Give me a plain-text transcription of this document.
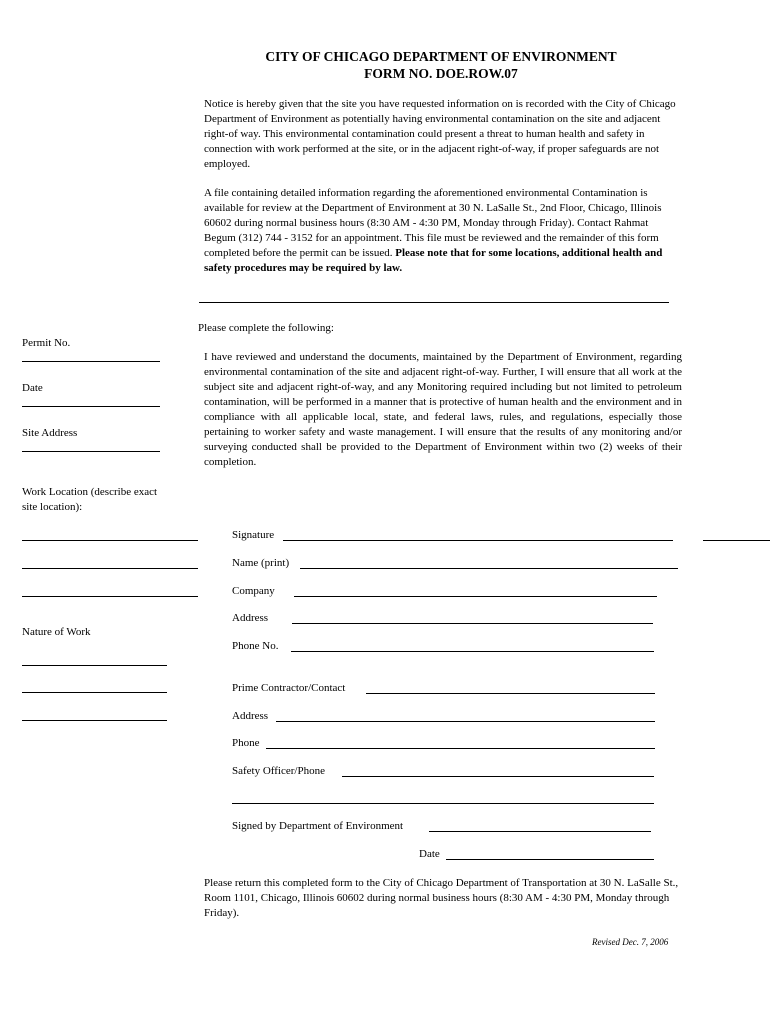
CITY OF CHICAGO DEPARTMENT OF ENVIRONMENT
FORM NO. DOE.ROW.07
Notice is hereby given that the site you have requested information on is recorded with the City of Chicago Department of Environment as potentially having environmental contamination on the site and adjacent right-of way. This environmental contamination could present a threat to human health and safety in connection with work performed at the site, or in the adjacent right-of-way, if proper safeguards are not employed.
A file containing detailed information regarding the aforementioned environmental Contamination is available for review at the Department of Environment at 30 N. LaSalle St., 2nd Floor, Chicago, Illinois 60602 during normal business hours (8:30 AM - 4:30 PM, Monday through Friday). Contact Rahmat Begum (312) 744 - 3152 for an appointment. This file must be reviewed and the remainder of this form completed before the permit can be issued. Please note that for some locations, additional health and safety procedures may be required by law.
Please complete the following:
I have reviewed and understand the documents, maintained by the Department of Environment, regarding environmental contamination of the site and adjacent right-of-way. Further, I will ensure that all work at the subject site and adjacent right-of-way, and any Monitoring required including but not limited to petroleum contamination, will be performed in a manner that is protective of human health and the environment and in compliance with all applicable local, state, and federal laws, rules, and regulations, especially those pertaining to worker safety and waste management. I will ensure that the results of any monitoring and/or surveying conducted shall be provided to the Department of Environment within two (2) weeks of their completion.
Permit No.
Date
Site Address
Work Location (describe exact site location):
Nature of Work
Signature
Name (print)
Company
Address
Phone No.
Prime Contractor/Contact
Address
Phone
Safety Officer/Phone
Signed by Department of Environment
Date
Please return this completed form to the City of Chicago Department of Transportation at 30 N. LaSalle St., Room 1101, Chicago, Illinois 60602 during normal business hours (8:30 AM - 4:30 PM, Monday through Friday).
Revised Dec. 7, 2006
